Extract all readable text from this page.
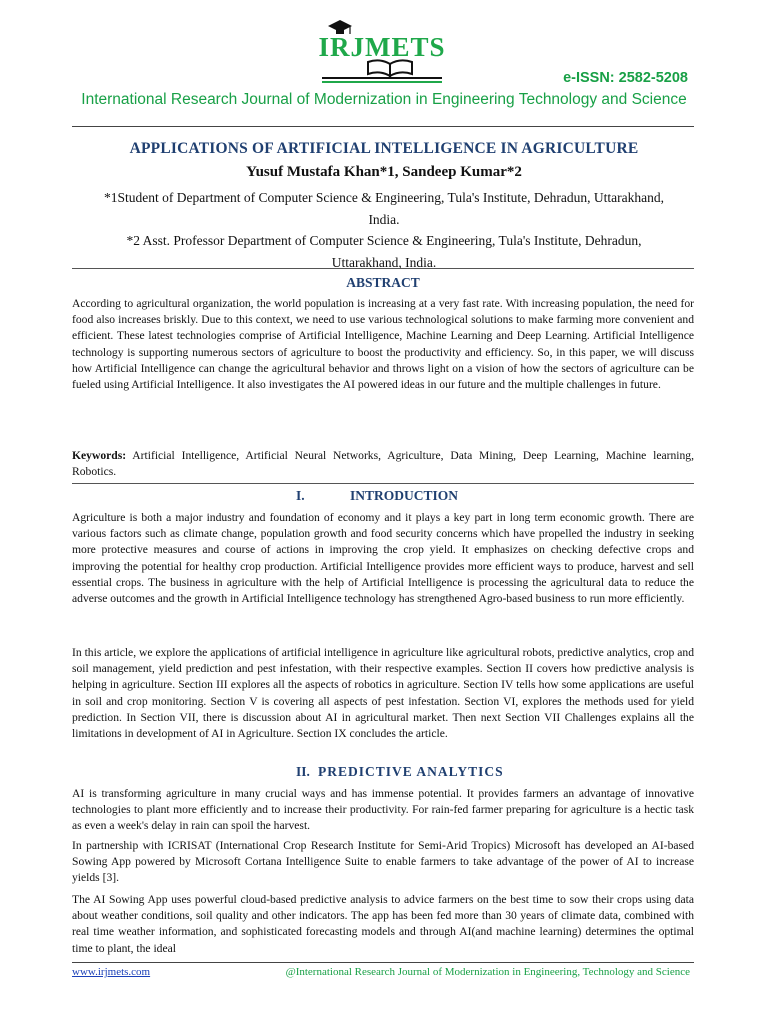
IRJMETS
e-ISSN: 2582-5208
International Research Journal of Modernization in Engineering Technology and Science
APPLICATIONS OF ARTIFICIAL INTELLIGENCE IN AGRICULTURE
Yusuf Mustafa Khan*1, Sandeep Kumar*2
*1Student of Department of Computer Science & Engineering, Tula's Institute, Dehradun, Uttarakhand, India.
*2 Asst. Professor Department of Computer Science & Engineering, Tula's Institute, Dehradun, Uttarakhand, India.
ABSTRACT
According to agricultural organization, the world population is increasing at a very fast rate. With increasing population, the need for food also increases briskly. Due to this context, we need to use various technological solutions to make farming more convenient and efficient. These latest technologies comprise of Artificial Intelligence, Machine Learning and Deep Learning. Artificial Intelligence technology is supporting numerous sectors of agriculture to boost the productivity and efficiency. So, in this paper, we will discuss how Artificial Intelligence can change the agricultural behavior and throws light on a vision of how the sectors of agriculture can be fueled using Artificial Intelligence. It also investigates the AI powered ideas in our future and the multiple challenges in future.
Keywords: Artificial Intelligence, Artificial Neural Networks, Agriculture, Data Mining, Deep Learning, Machine learning, Robotics.
I.	INTRODUCTION
Agriculture is both a major industry and foundation of economy and it plays a key part in long term economic growth. There are various factors such as climate change, population growth and food security concerns which have propelled the industry in seeking more protective measures and course of actions in improving the crop yield. It emphasizes on checking defective crops and improving the potential for healthy crop production. Artificial Intelligence provides more efficient ways to produce, harvest and sell essential crops. The business in agriculture with the help of Artificial Intelligence is processing the agricultural data to reduce the adverse outcomes and the growth in Artificial Intelligence technology has strengthened Agro-based business to run more efficiently.
In this article, we explore the applications of artificial intelligence in agriculture like agricultural robots, predictive analytics, crop and soil management, yield prediction and pest infestation, with their respective examples. Section II covers how predictive analysis is helping in agriculture. Section III explores all the aspects of robotics in agriculture. Section IV tells how some applications are useful in soil and crop monitoring. Section V is covering all aspects of pest infestation. Section VI, explores the methods used for yield prediction. In Section VII, there is discussion about AI in agricultural market. Then next Section VII Challenges explains all the limitations in development of AI in Agriculture. Section IX concludes the article.
II. PREDICTIVE ANALYTICS
AI is transforming agriculture in many crucial ways and has immense potential. It provides farmers an advantage of innovative technologies to plant more efficiently and to increase their productivity. For rain-fed farmer preparing for agriculture is a hectic task as even a week's delay in rain can spoil the harvest.
In partnership with ICRISAT (International Crop Research Institute for Semi-Arid Tropics) Microsoft has developed an AI-based Sowing App powered by Microsoft Cortana Intelligence Suite to enable farmers to take advantage of the power of AI to increase yields [3].
The AI Sowing App uses powerful cloud-based predictive analysis to advice farmers on the best time to sow their crops using data about weather conditions, soil quality and other indicators. The app has been fed more than 30 years of climate data, combined with real time weather information, and sophisticated forecasting models and through AI(and machine learning) determines the optimal time to plant, the ideal
www.irjmets.com	@International Research Journal of Modernization in Engineering, Technology and Science
